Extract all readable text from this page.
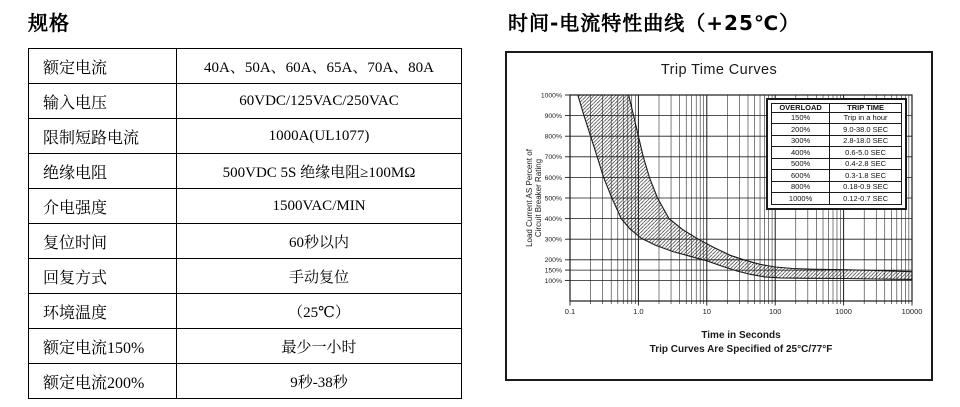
规格
额定电流	40A、50A、60A、65A、70A、80A
输入电压	60VDC/125VAC/250VAC
限制短路电流	1000A(UL1077)
绝缘电阻	500VDC 5S 绝缘电阻≥100MΩ
介电强度	1500VAC/MIN
复位时间	60秒以内
回复方式	手动复位
环境温度	（25℃）
额定电流150%	最少一小时
额定电流200%	9秒-38秒
时间-电流特性曲线（+25℃）
Trip Time Curves
100%
150%
200%
300%
400%
500%
600%
700%
800%
900%
1000%
0.1	1.0	10	100	1000	10000
Load Current AS Percent of Circuit Breaker Rating
OVERLOAD	TRIP TIME
150%	Trip in a hour
200%	9.0-38.0 SEC
300%	2.8-18.0 SEC
400%	0.6-5.0 SEC
500%	0.4-2.8 SEC
600%	0.3-1.8 SEC
800%	0.18-0.9 SEC
1000%	0.12-0.7 SEC
Time in Seconds
Trip Curves Are Specified of 25°C/77°F
